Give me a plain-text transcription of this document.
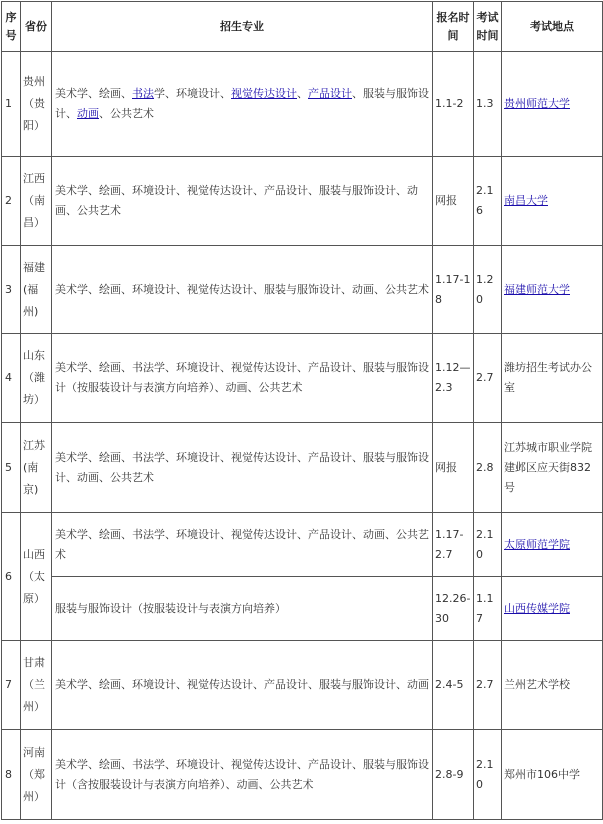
序号	省份	招生专业	报名时间	考试时间	考试地点
1	贵州（贵阳）	美术学、绘画、书法学、环境设计、视觉传达设计、产品设计、服装与服饰设计、动画、公共艺术	1.1-2	1.3	贵州师范大学
2	江西（南昌）	美术学、绘画、环境设计、视觉传达设计、产品设计、服装与服饰设计、动画、公共艺术	网报	2.16	南昌大学
3	福建(福州)	美术学、绘画、环境设计、视觉传达设计、服装与服饰设计、动画、公共艺术	1.17-18	1.20	福建师范大学
4	山东（潍坊）	美术学、绘画、书法学、环境设计、视觉传达设计、产品设计、服装与服饰设计（按服装设计与表演方向培养）、动画、公共艺术	1.12—2.3	2.7	潍坊招生考试办公室
5	江苏(南京)	美术学、绘画、书法学、环境设计、视觉传达设计、产品设计、服装与服饰设计、动画、公共艺术	网报	2.8	江苏城市职业学院建邺区应天街832号
6	山西（太原）	美术学、绘画、书法学、环境设计、视觉传达设计、产品设计、动画、公共艺术	1.17-2.7	2.10	太原师范学院
		服装与服饰设计（按服装设计与表演方向培养）	12.26-30	1.17	山西传媒学院
7	甘肃（兰州）	美术学、绘画、环境设计、视觉传达设计、产品设计、服装与服饰设计、动画	2.4-5	2.7	兰州艺术学校
8	河南（郑州）	美术学、绘画、书法学、环境设计、视觉传达设计、产品设计、服装与服饰设计（含按服装设计与表演方向培养）、动画、公共艺术	2.8-9	2.10	郑州市106中学
